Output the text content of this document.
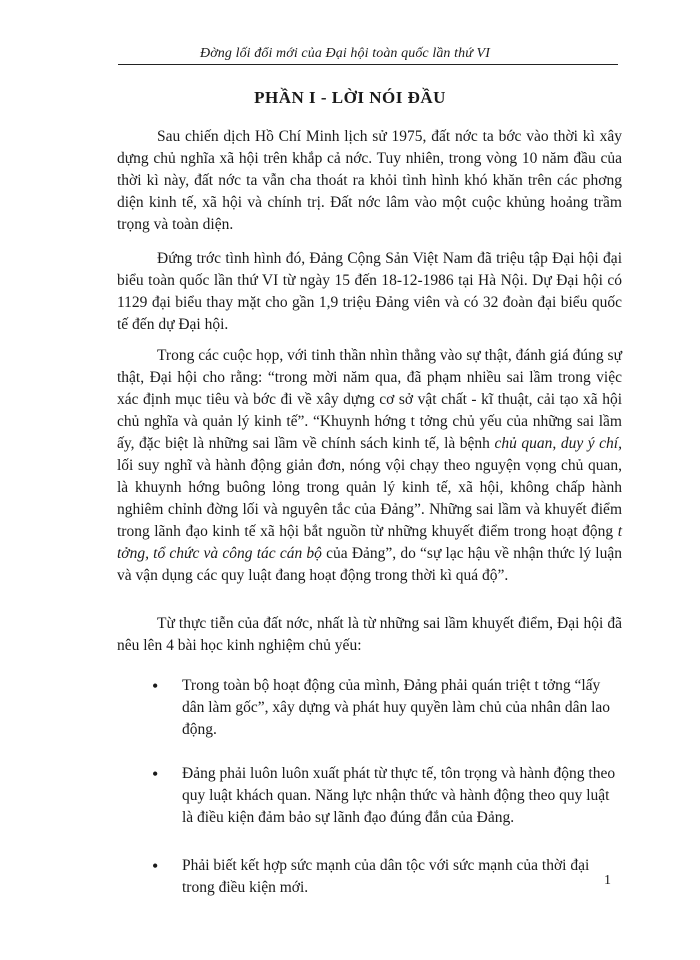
Đờng lối đổi mới của Đại hội toàn quốc lần thứ VI
PHẦN I - LỜI NÓI ĐẦU
Sau chiến dịch Hồ Chí Minh lịch sử 1975, đất nớc ta bớc vào thời kì xây dựng chủ nghĩa xã hội trên khắp cả nớc. Tuy nhiên, trong vòng 10 năm đầu của thời kì này, đất nớc ta vẫn cha thoát ra khỏi tình hình khó khăn trên các phơng diện kinh tế, xã hội và chính trị. Đất nớc lâm vào một cuộc khủng hoảng trầm trọng và toàn diện.
Đứng trớc tình hình đó, Đảng Cộng Sản Việt Nam đã triệu tập Đại hội đại biểu toàn quốc lần thứ VI từ ngày 15 đến 18-12-1986 tại Hà Nội. Dự Đại hội có 1129 đại biểu thay mặt cho gần 1,9 triệu Đảng viên và có 32 đoàn đại biểu quốc tế đến dự Đại hội.
Trong các cuộc họp, với tinh thần nhìn thẳng vào sự thật, đánh giá đúng sự thật, Đại hội cho rằng: “trong mời năm qua, đã phạm nhiều sai lầm trong việc xác định mục tiêu và bớc đi về xây dựng cơ sở vật chất - kĩ thuật, cải tạo xã hội chủ nghĩa và quản lý kinh tế”. “Khuynh hớng t tởng chủ yếu của những sai lầm ấy, đặc biệt là những sai lầm về chính sách kinh tế, là bệnh chủ quan, duy ý chí, lối suy nghĩ và hành động giản đơn, nóng vội chạy theo nguyện vọng chủ quan, là khuynh hớng buông lỏng trong quản lý kinh tế, xã hội, không chấp hành nghiêm chỉnh đờng lối và nguyên tắc của Đảng”. Những sai lầm và khuyết điểm trong lãnh đạo kinh tế xã hội bắt nguồn từ những khuyết điểm trong hoạt động t tởng, tổ chức và công tác cán bộ của Đảng”, do “sự lạc hậu về nhận thức lý luận và vận dụng các quy luật đang hoạt động trong thời kì quá độ”.
Từ thực tiễn của đất nớc, nhất là từ những sai lầm khuyết điểm, Đại hội đã nêu lên 4 bài học kinh nghiệm chủ yếu:
• Trong toàn bộ hoạt động của mình, Đảng phải quán triệt t tởng “lấy dân làm gốc”, xây dựng và phát huy quyền làm chủ của nhân dân lao động.
• Đảng phải luôn luôn xuất phát từ thực tế, tôn trọng và hành động theo quy luật khách quan. Năng lực nhận thức và hành động theo quy luật là điều kiện đảm bảo sự lãnh đạo đúng đắn của Đảng.
• Phải biết kết hợp sức mạnh của dân tộc với sức mạnh của thời đại trong điều kiện mới.	1
